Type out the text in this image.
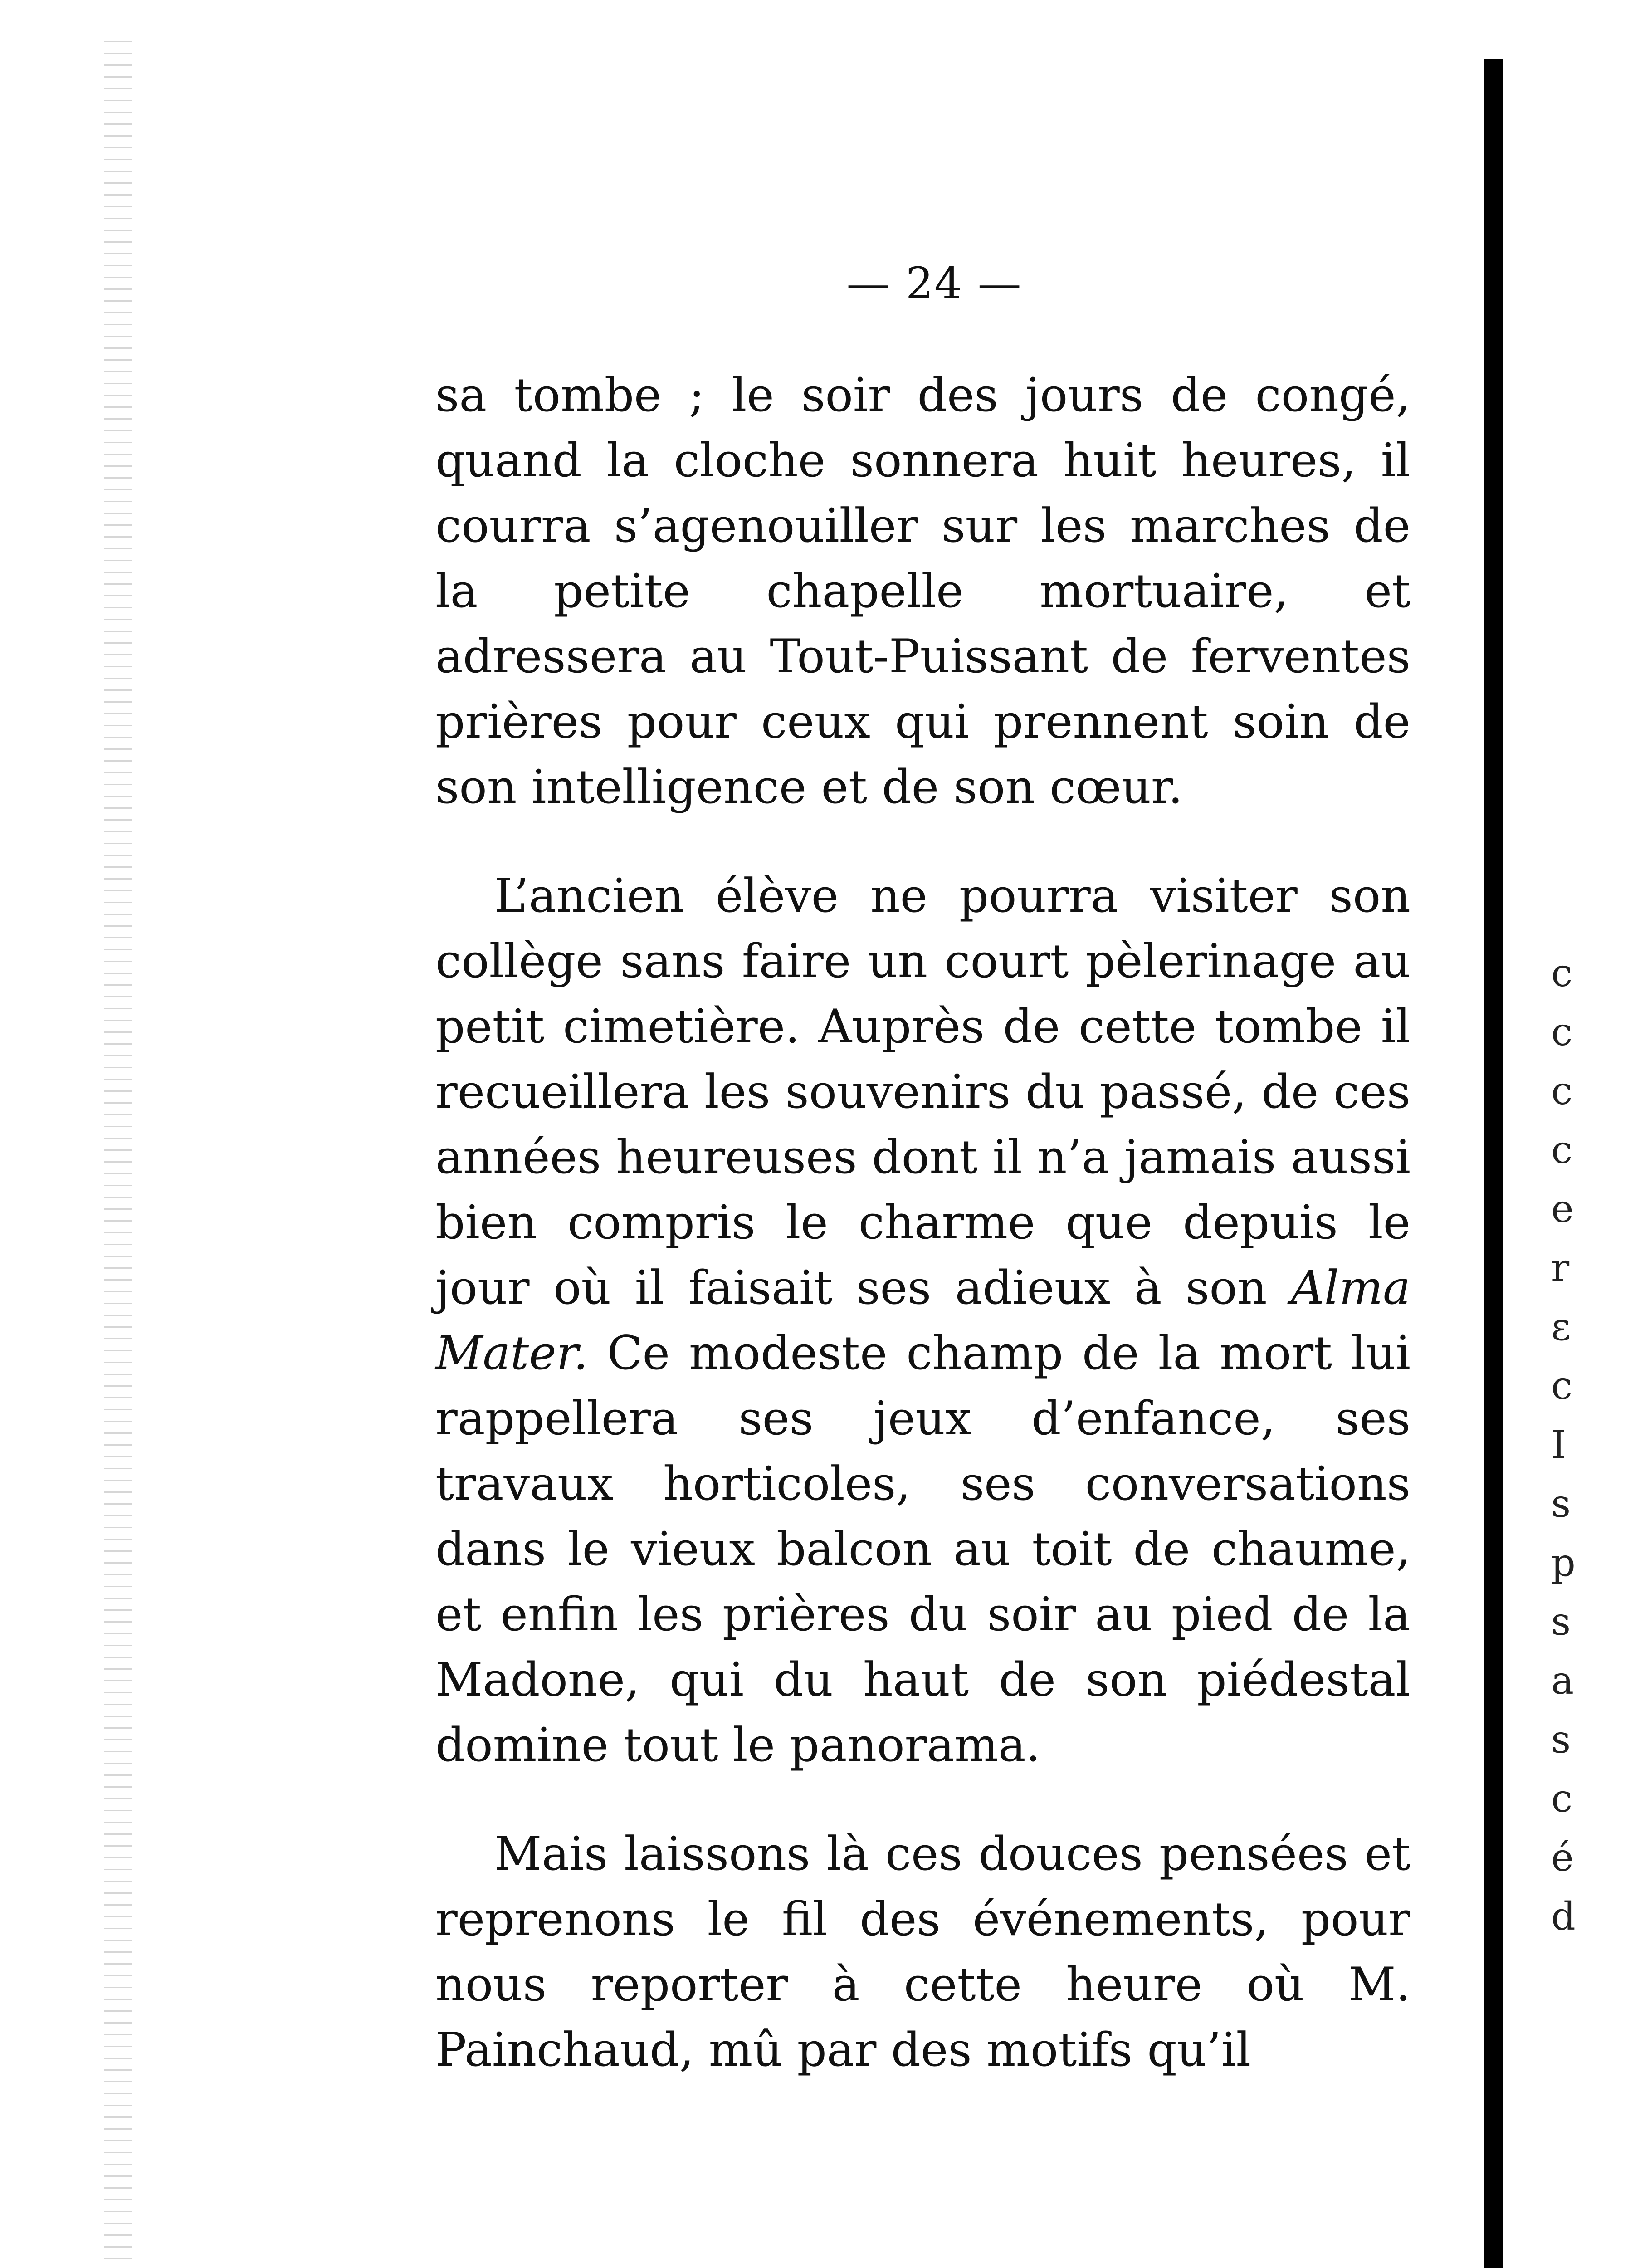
— 24 —

sa tombe ; le soir des jours de congé, quand la cloche sonnera huit heures, il courra s’agenouiller sur les marches de la petite chapelle mortuaire, et adressera au Tout-Puissant de ferventes prières pour ceux qui prennent soin de son intelligence et de son cœur.

L’ancien élève ne pourra visiter son collège sans faire un court pèlerinage au petit cimetière. Auprès de cette tombe il recueillera les souvenirs du passé, de ces années heureuses dont il n’a jamais aussi bien compris le charme que depuis le jour où il faisait ses adieux à son Alma Mater. Ce modeste champ de la mort lui rappellera ses jeux d’enfance, ses travaux horticoles, ses conversations dans le vieux balcon au toit de chaume, et enfin les prières du soir au pied de la Madone, qui du haut de son piédestal domine tout le panorama.

Mais laissons là ces douces pensées et reprenons le fil des événements, pour nous reporter à cette heure où M. Painchaud, mû par des motifs qu’il

c
c
c
c
e
r
ε
c
I
s
p
s
a
s
c
é
d
